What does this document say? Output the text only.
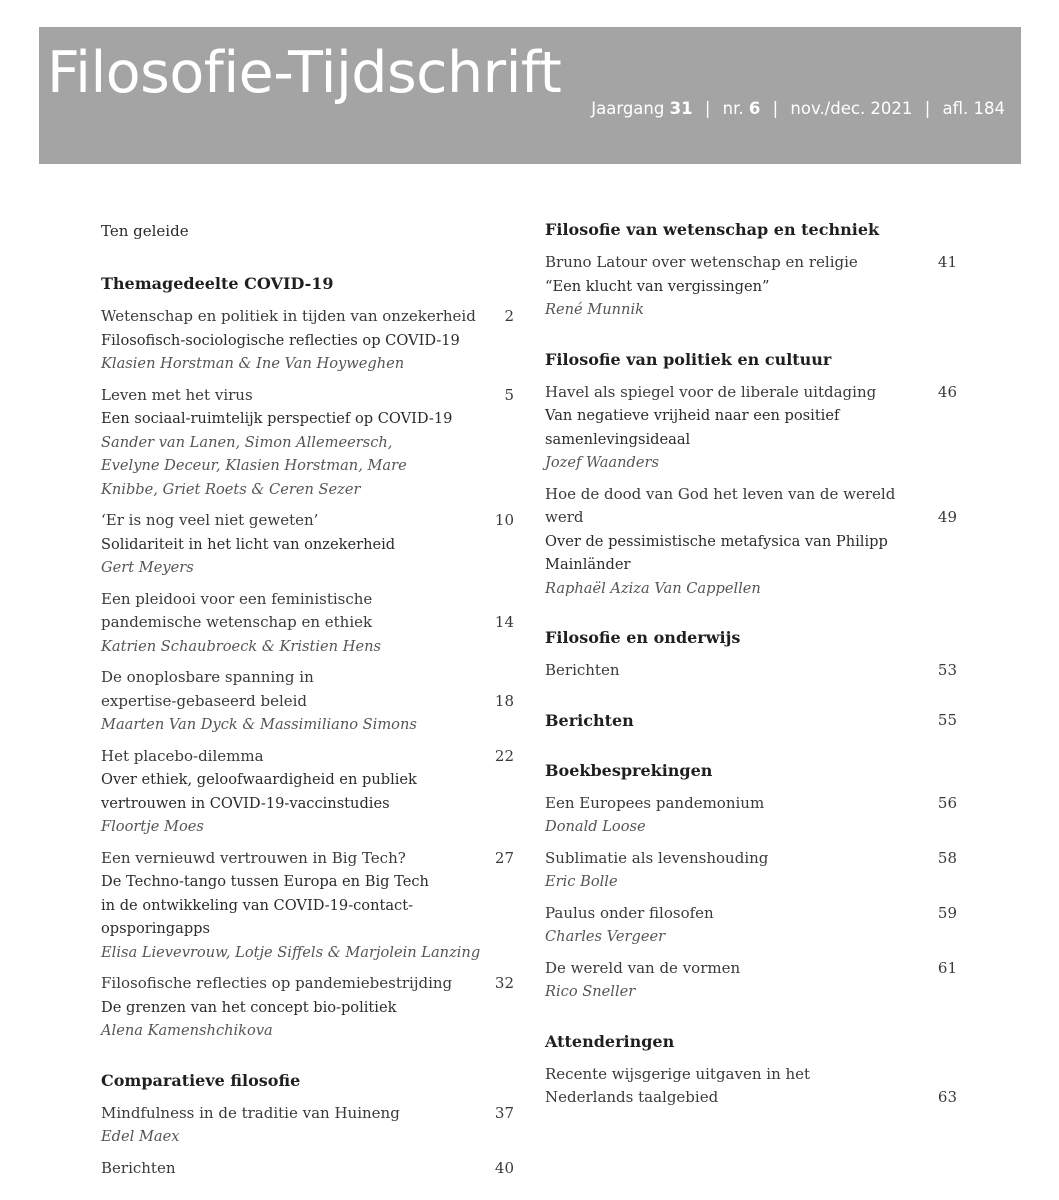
Filosofie-Tijdschrift
Jaargang 31 | nr. 6 | nov./dec. 2021 | afl. 184
Ten geleide
Themagedeelte COVID-19
Wetenschap en politiek in tijden van onzekerheid	2
Filosofisch-sociologische reflecties op COVID-19
Klasien Horstman & Ine Van Hoyweghen
Leven met het virus	5
Een sociaal-ruimtelijk perspectief op COVID-19
Sander van Lanen, Simon Allemeersch, Evelyne Deceur, Klasien Horstman, Mare Knibbe, Griet Roets & Ceren Sezer
‘Er is nog veel niet geweten’	10
Solidariteit in het licht van onzekerheid
Gert Meyers
Een pleidooi voor een feministische pandemische wetenschap en ethiek	14
Katrien Schaubroeck & Kristien Hens
De onoplosbare spanning in expertise-gebaseerd beleid	18
Maarten Van Dyck & Massimiliano Simons
Het placebo-dilemma	22
Over ethiek, geloofwaardigheid en publiek vertrouwen in COVID-19-vaccinstudies
Floortje Moes
Een vernieuwd vertrouwen in Big Tech?	27
De Techno-tango tussen Europa en Big Tech in de ontwikkeling van COVID-19-contact-opsporingapps
Elisa Lievevrouw, Lotje Siffels & Marjolein Lanzing
Filosofische reflecties op pandemiebestrijding	32
De grenzen van het concept bio-politiek
Alena Kamenshchikova
Comparatieve filosofie
Mindfulness in de traditie van Huineng	37
Edel Maex
Berichten	40
Filosofie van wetenschap en techniek
Bruno Latour over wetenschap en religie	41
“Een klucht van vergissingen”
René Munnik
Filosofie van politiek en cultuur
Havel als spiegel voor de liberale uitdaging	46
Van negatieve vrijheid naar een positief samenlevingsideaal
Jozef Waanders
Hoe de dood van God het leven van de wereld werd	49
Over de pessimistische metafysica van Philipp Mainländer
Raphaël Aziza Van Cappellen
Filosofie en onderwijs
Berichten	53
Berichten	55
Boekbesprekingen
Een Europees pandemonium	56
Donald Loose
Sublimatie als levenshouding	58
Eric Bolle
Paulus onder filosofen	59
Charles Vergeer
De wereld van de vormen	61
Rico Sneller
Attenderingen
Recente wijsgerige uitgaven in het Nederlands taalgebied	63
